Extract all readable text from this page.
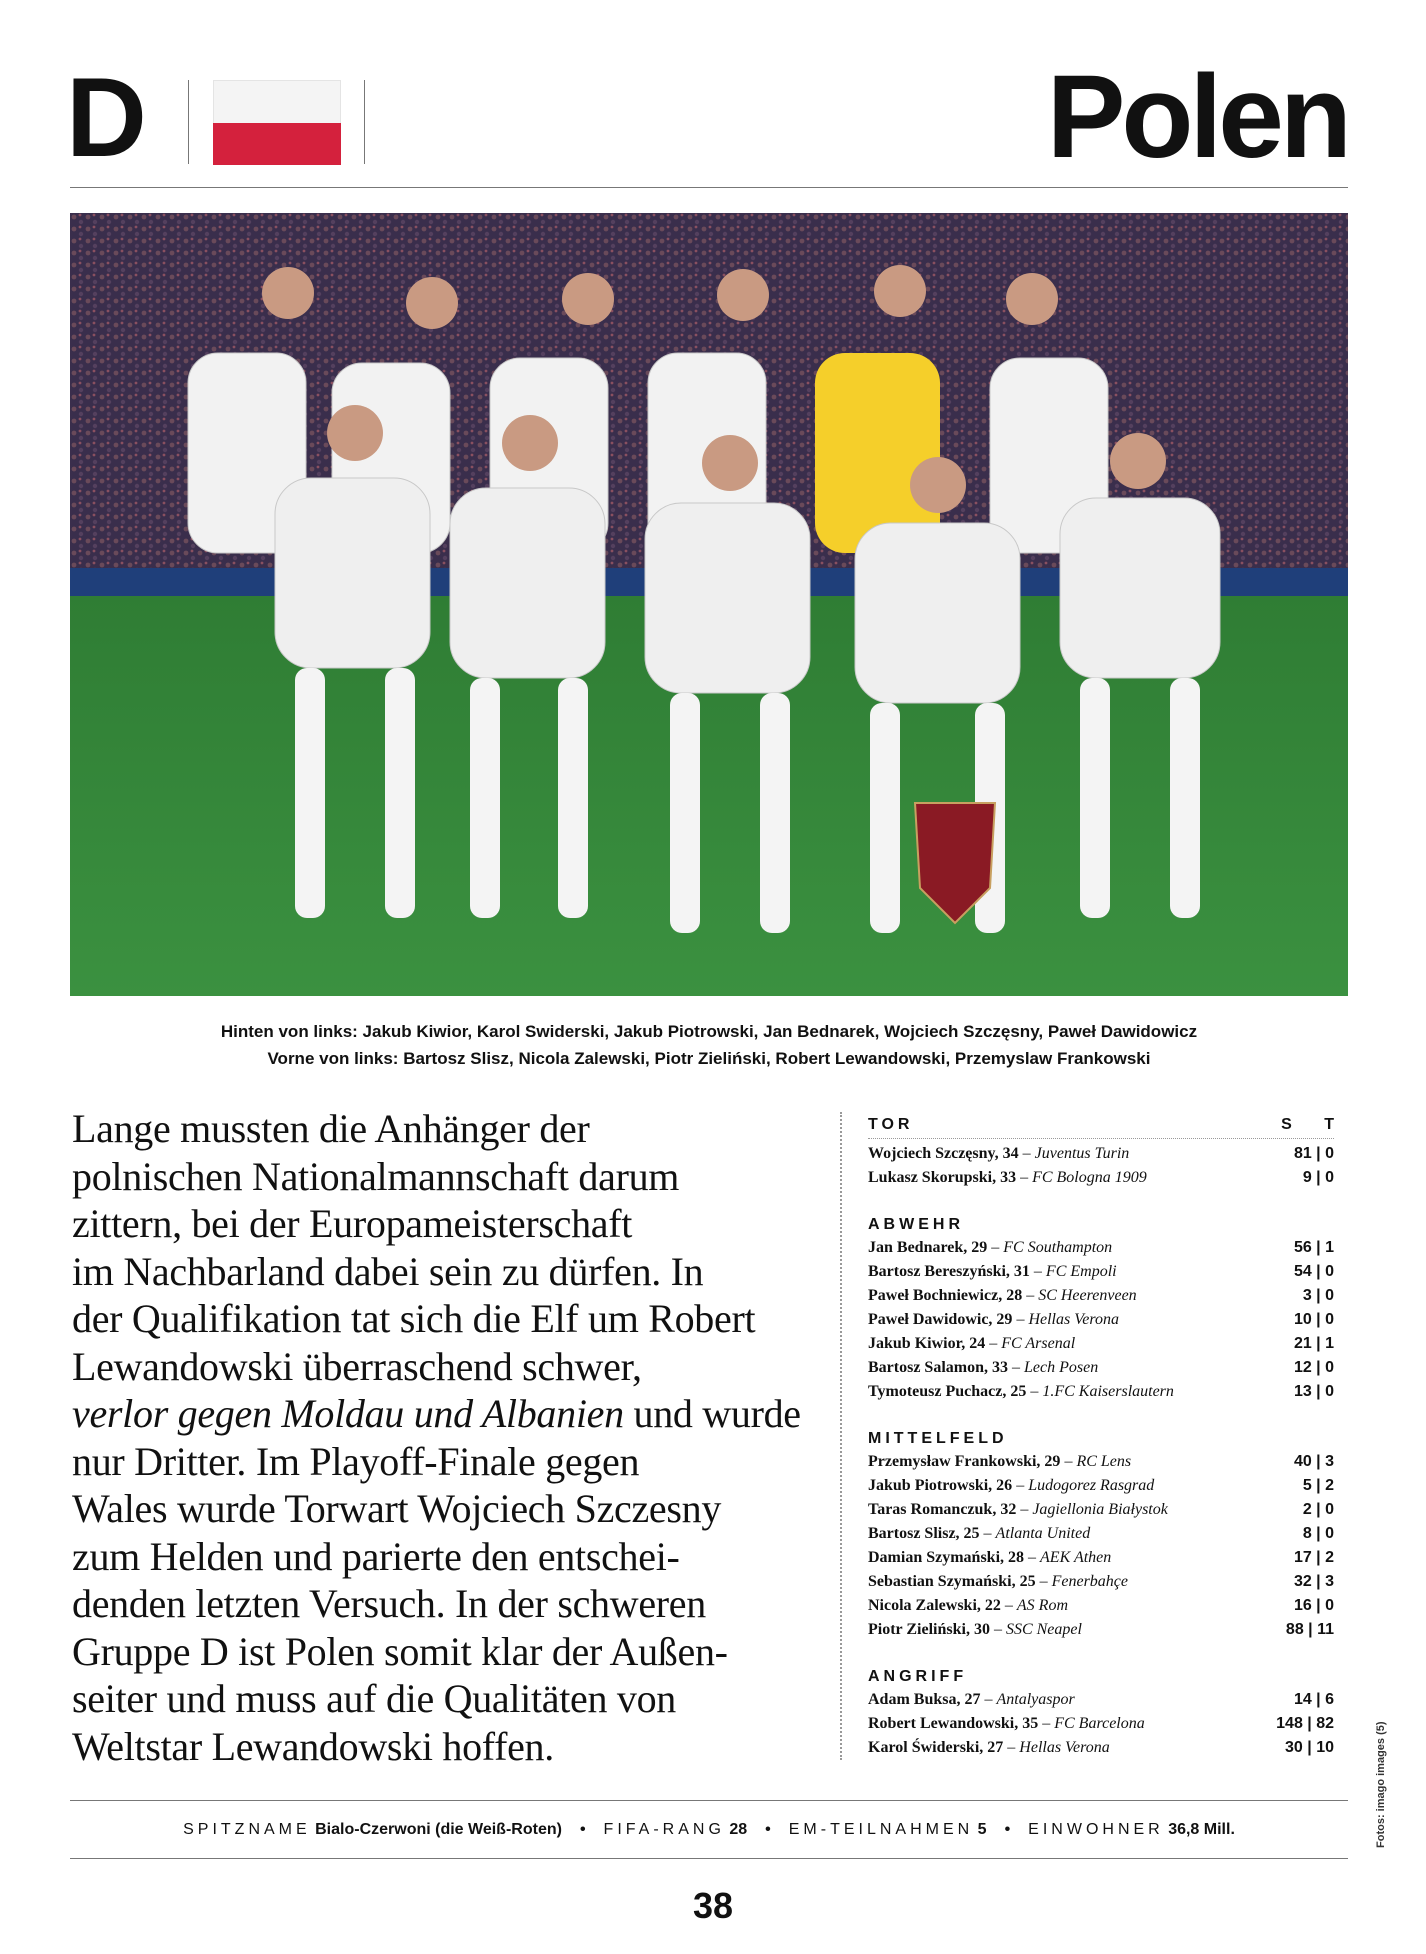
D	Polen
Hinten von links: Jakub Kiwior, Karol Swiderski, Jakub Piotrowski, Jan Bednarek, Wojciech Szczęsny, Paweł Dawidowicz
Vorne von links: Bartosz Slisz, Nicola Zalewski, Piotr Zieliński, Robert Lewandowski, Przemyslaw Frankowski
Lange mussten die Anhänger der
polnischen Nationalmannschaft darum
zittern, bei der Europameisterschaft
im Nachbarland dabei sein zu dürfen. In
der Qualifikation tat sich die Elf um Robert
Lewandowski überraschend schwer,
verlor gegen Moldau und Albanien und wurde
nur Dritter. Im Playoff-Finale gegen
Wales wurde Torwart Wojciech Szczesny
zum Helden und parierte den entschei-
denden letzten Versuch. In der schweren
Gruppe D ist Polen somit klar der Außen-
seiter und muss auf die Qualitäten von
Weltstar Lewandowski hoffen.
TOR	S T
Wojciech Szczęsny, 34 – Juventus Turin	81 | 0
Lukasz Skorupski, 33 – FC Bologna 1909	9 | 0
ABWEHR
Jan Bednarek, 29 – FC Southampton	56 | 1
Bartosz Bereszyński, 31 – FC Empoli	54 | 0
Paweł Bochniewicz, 28 – SC Heerenveen	3 | 0
Paweł Dawidowic, 29 – Hellas Verona	10 | 0
Jakub Kiwior, 24 – FC Arsenal	21 | 1
Bartosz Salamon, 33 – Lech Posen	12 | 0
Tymoteusz Puchacz, 25 – 1.FC Kaiserslautern	13 | 0
MITTELFELD
Przemysław Frankowski, 29 – RC Lens	40 | 3
Jakub Piotrowski, 26 – Ludogorez Rasgrad	5 | 2
Taras Romanczuk, 32 – Jagiellonia Białystok	2 | 0
Bartosz Slisz, 25 – Atlanta United	8 | 0
Damian Szymański, 28 – AEK Athen	17 | 2
Sebastian Szymański, 25 – Fenerbahçe	32 | 3
Nicola Zalewski, 22 – AS Rom	16 | 0
Piotr Zieliński, 30 – SSC Neapel	88 | 11
ANGRIFF
Adam Buksa, 27 – Antalyaspor	14 | 6
Robert Lewandowski, 35 – FC Barcelona	148 | 82
Karol Świderski, 27 – Hellas Verona	30 | 10
SPITZNAME Bialo-Czerwoni (die Weiß-Roten) • FIFA-RANG 28 • EM-TEILNAHMEN 5 • EINWOHNER 36,8 Mill.	Fotos: imago images (5)
38
